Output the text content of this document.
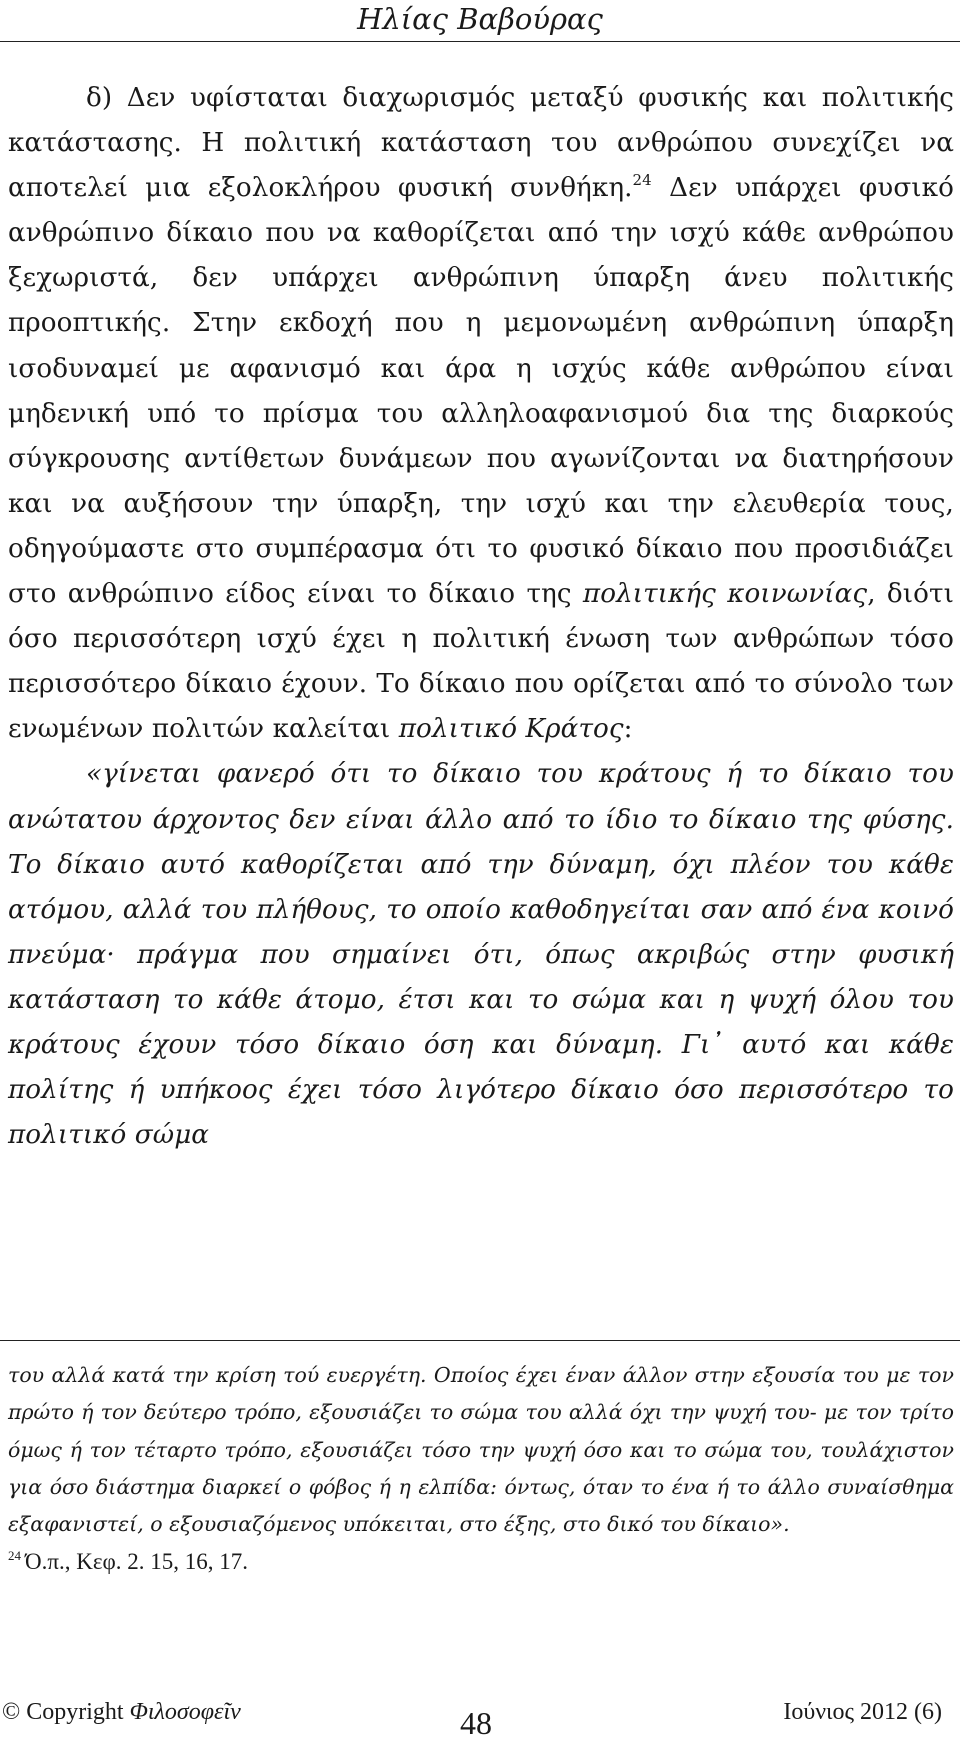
Ηλίας Βαβούρας

δ) Δεν υφίσταται διαχωρισμός μεταξύ φυσικής και πολιτικής κατάστασης. Η πολιτική κατάσταση του ανθρώπου συνεχίζει να αποτελεί μια εξολοκλήρου φυσική συνθήκη.$^{24}$ Δεν υπάρχει φυσικό ανθρώπινο δίκαιο που να καθορίζεται από την ισχύ κάθε ανθρώπου ξεχωριστά, δεν υπάρχει ανθρώπινη ύπαρξη άνευ πολιτικής προοπτικής. Στην εκδοχή που η μεμονωμένη ανθρώπινη ύπαρξη ισοδυναμεί με αφανισμό και άρα η ισχύς κάθε ανθρώπου είναι μηδενική υπό το πρίσμα του αλληλοαφανισμού δια της διαρκούς σύγκρουσης αντίθετων δυνάμεων που αγωνίζονται να διατηρήσουν και να αυξήσουν την ύπαρξη, την ισχύ και την ελευθερία τους, οδηγούμαστε στο συμπέρασμα ότι το φυσικό δίκαιο που προσιδιάζει στο ανθρώπινο είδος είναι το δίκαιο της πολιτικής κοινωνίας, διότι όσο περισσότερη ισχύ έχει η πολιτική ένωση των ανθρώπων τόσο περισσότερο δίκαιο έχουν. Το δίκαιο που ορίζεται από το σύνολο των ενωμένων πολιτών καλείται πολιτικό Κράτος:

«γίνεται φανερό ότι το δίκαιο του κράτους ή το δίκαιο του ανώτατου άρχοντος δεν είναι άλλο από το ίδιο το δίκαιο της φύσης. Το δίκαιο αυτό καθορίζεται από την δύναμη, όχι πλέον του κάθε ατόμου, αλλά του πλήθους, το οποίο καθοδηγείται σαν από ένα κοινό πνεύμα· πράγμα που σημαίνει ότι, όπως ακριβώς στην φυσική κατάσταση το κάθε άτομο, έτσι και το σώμα και η ψυχή όλου του κράτους έχουν τόσο δίκαιο όση και δύναμη. Γι᾽ αυτό και κάθε πολίτης ή υπήκοος έχει τόσο λιγότερο δίκαιο όσο περισσότερο το πολιτικό σώμα

του αλλά κατά την κρίση τού ευεργέτη. Οποίος έχει έναν άλλον στην εξουσία του με τον πρώτο ή τον δεύτερο τρόπο, εξουσιάζει το σώμα του αλλά όχι την ψυχή του- με τον τρίτο όμως ή τον τέταρτο τρόπο, εξουσιάζει τόσο την ψυχή όσο και το σώμα του, τουλάχιστον για όσο διάστημα διαρκεί ο φόβος ή η ελπίδα: όντως, όταν το ένα ή το άλλο συναίσθημα εξαφανιστεί, ο εξουσιαζόμενος υπόκειται, στο έξης, στο δικό του δίκαιο».

$^{24}$ Ό.π., Κεφ. 2. 15, 16, 17.

© Copyright Φιλοσοφεῖν	48	Ιούνιος 2012 (6)
